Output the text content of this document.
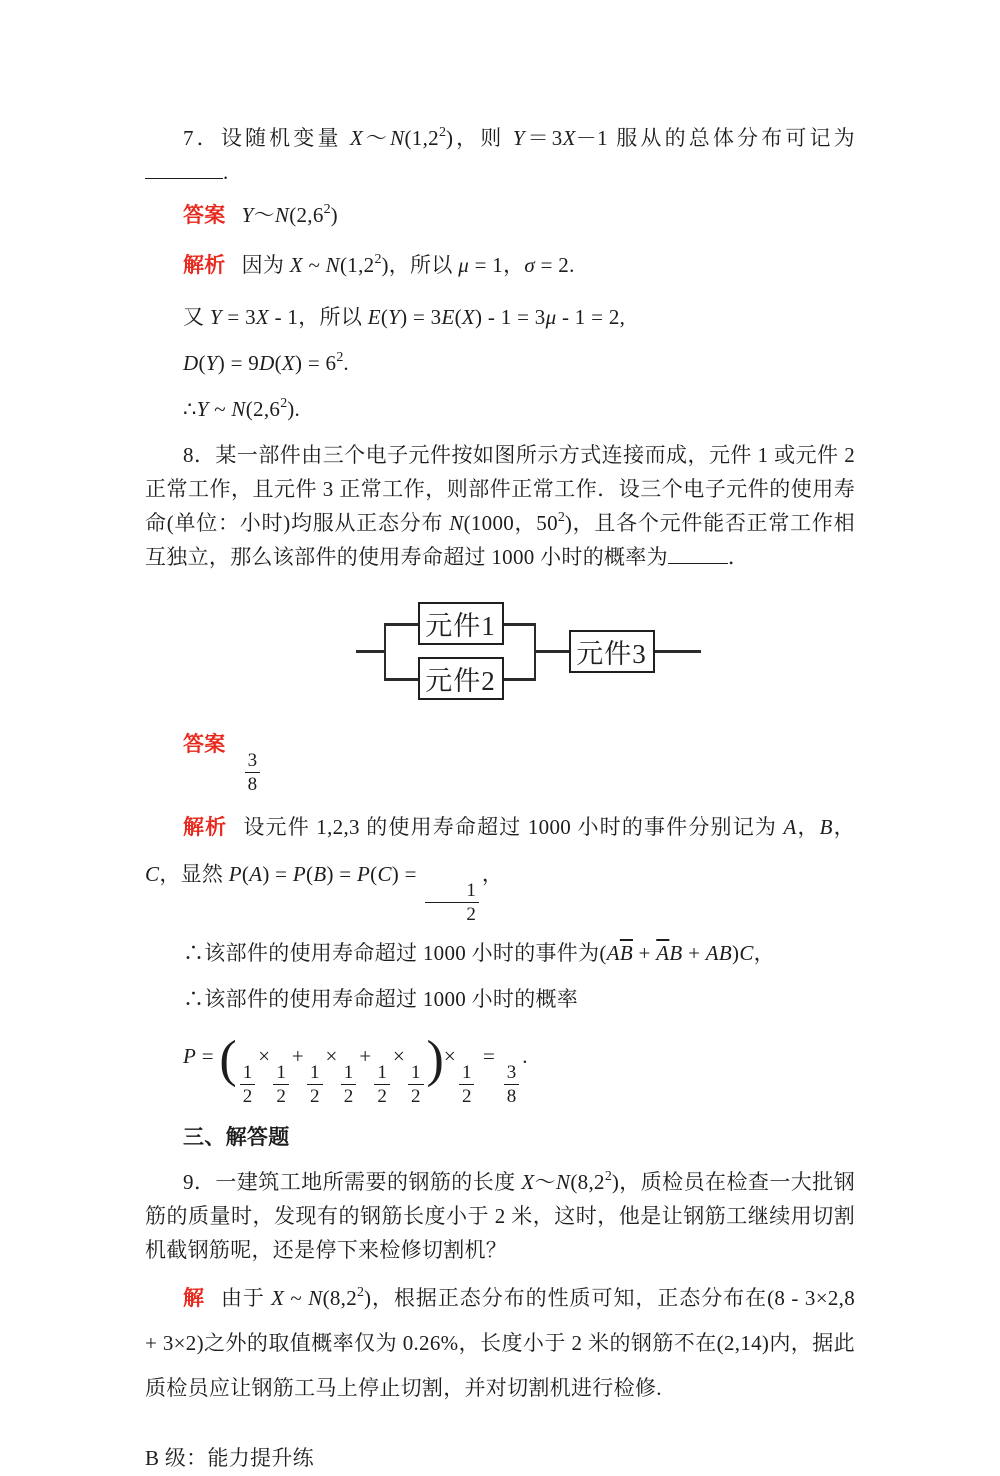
7．设随机变量 $X\sim N(1,2^2)$，则 Y＝3X－1 服从的总体分布可记为.
答案 $Y\sim N(2,6^2)$
解析 因为 X ~ $N(1,2^2)$，所以 μ = 1，σ = 2.
又 Y = 3X - 1，所以 E(Y) = 3E(X) - 1 = 3μ - 1 = 2,
$D(Y) = 9D(X) = 6^2$.
∴Y ~ $N(2,6^2)$.
8．某一部件由三个电子元件按如图所示方式连接而成，元件 1 或元件 2 正常工作，且元件 3 正常工作，则部件正常工作．设三个电子元件的使用寿命(单位：小时)均服从正态分布 N(1000，$50^2$)，且各个元件能否正常工作相互独立，那么该部件的使用寿命超过 1000 小时的概率为	．
元件1
元件2
元件3
答案
$\frac{3}{8}$
解析 设元件 1,2,3 的使用寿命超过 1000 小时的事件分别记为 A，B，C，显然 P(A) = P(B) = P(C) =
$\frac{1}{2}$
，
∴该部件的使用寿命超过 1000 小时的事件为$(A\overline{B} + \overline{A}B + AB)C$，
∴该部件的使用寿命超过 1000 小时的概率
P = ( $\frac{1}{2}$
×
$\frac{1}{2}$
+
$\frac{1}{2}$
×
$\frac{1}{2}$
+
$\frac{1}{2}$
×
$\frac{1}{2}$ )×
$\frac{1}{2}$
=
$\frac{3}{8}$
.
三、解答题
9．一建筑工地所需要的钢筋的长度 $X\sim N(8,2^2)$，质检员在检查一大批钢筋的质量时，发现有的钢筋长度小于 2 米，这时，他是让钢筋工继续用切割机截钢筋呢，还是停下来检修切割机？
解 由于 X ~ $N(8,2^2)$，根据正态分布的性质可知，正态分布在(8 - 3×2,8 + 3×2)之外的取值概率仅为 0.26%，长度小于 2 米的钢筋不在(2,14)内，据此质检员应让钢筋工马上停止切割，并对切割机进行检修.
B 级：能力提升练
